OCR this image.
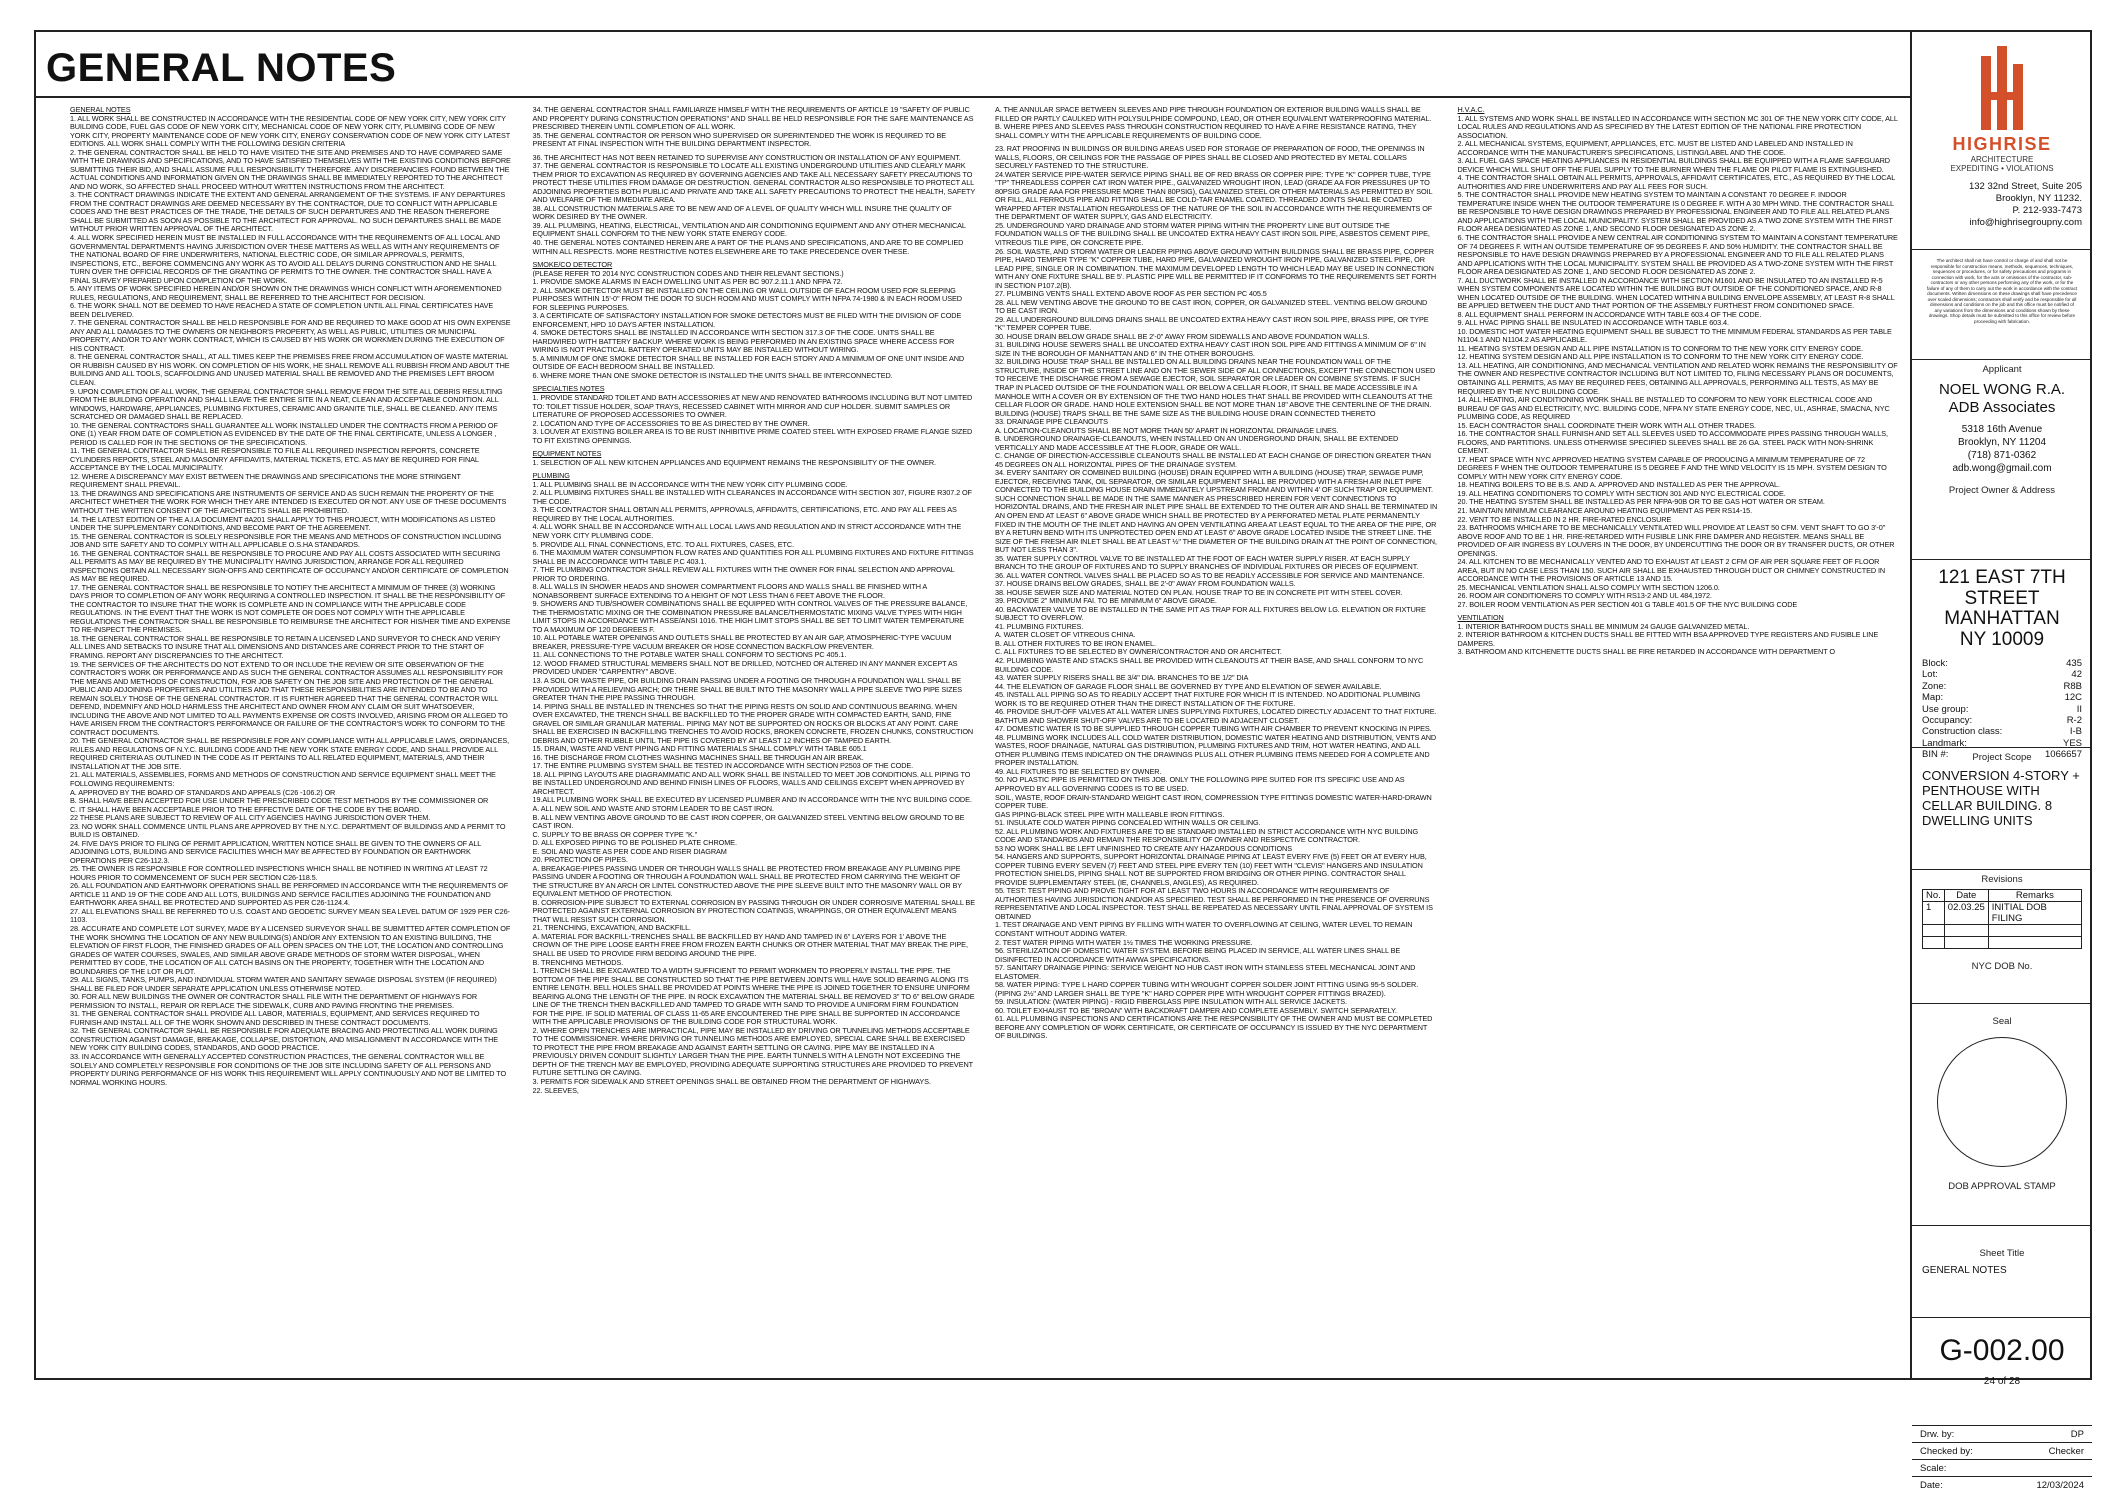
GENERAL NOTES

GENERAL NOTES

1. ALL WORK SHALL BE CONSTRUCTED IN ACCORDANCE WITH THE RESIDENTIAL CODE OF NEW YORK CITY, NEW YORK CITY BUILDING CODE, FUEL GAS CODE OF NEW YORK CITY, MECHANICAL CODE OF NEW YORK CITY, PLUMBING CODE OF NEW YORK CITY, PROPERTY MAINTENANCE CODE OF NEW YORK CITY, ENERGY CONSERVATION CODE OF NEW YORK CITY LATEST EDITIONS. ALL WORK SHALL COMPLY WITH THE FOLLOWING DESIGN CRITERIA

2. THE GENERAL CONTRACTOR SHALL BE HELD TO HAVE VISITED THE SITE AND PREMISES AND TO HAVE COMPARED SAME WITH THE DRAWINGS AND SPECIFICATIONS, AND TO HAVE SATISFIED THEMSELVES WITH THE EXISTING CONDITIONS BEFORE SUBMITTING THEIR BID, AND SHALL ASSUME FULL RESPONSIBILITY THEREFORE. ANY DISCREPANCIES FOUND BETWEEN THE ACTUAL CONDITIONS AND INFORMATION GIVEN ON THE DRAWINGS SHALL BE IMMEDIATELY REPORTED TO THE ARCHITECT AND NO WORK, SO AFFECTED SHALL PROCEED WITHOUT WRITTEN INSTRUCTIONS FROM THE ARCHITECT.

3. THE CONTRACT DRAWINGS INDICATE THE EXTENT AND GENERAL ARRANGEMENT OF THE SYSTEMS. IF ANY DEPARTURES FROM THE CONTRACT DRAWINGS ARE DEEMED NECESSARY BY THE CONTRACTOR, DUE TO CONFLICT WITH APPLICABLE CODES AND THE BEST PRACTICES OF THE TRADE, THE DETAILS OF SUCH DEPARTURES AND THE REASON THEREFORE SHALL BE SUBMITTED AS SOON AS POSSIBLE TO THE ARCHITECT FOR APPROVAL. NO SUCH DEPARTURES SHALL BE MADE WITHOUT PRIOR WRITTEN APPROVAL OF THE ARCHITECT.

4. ALL WORK SPECIFIED HEREIN MUST BE INSTALLED IN FULL ACCORDANCE WITH THE REQUIREMENTS OF ALL LOCAL AND GOVERNMENTAL DEPARTMENTS HAVING JURISDICTION OVER THESE MATTERS AS WELL AS WITH ANY REQUIREMENTS OF THE NATIONAL BOARD OF FIRE UNDERWRITERS, NATIONAL ELECTRIC CODE, OR SIMILAR APPROVALS, PERMITS, INSPECTIONS, ETC., BEFORE COMMENCING ANY WORK AS TO AVOID ALL DELAYS DURING CONSTRUCTION AND HE SHALL TURN OVER THE OFFICIAL RECORDS OF THE GRANTING OF PERMITS TO THE OWNER. THE CONTRACTOR SHALL HAVE A FINAL SURVEY PREPARED UPON COMPLETION OF THE WORK.

5. ANY ITEMS OF WORK SPECIFIED HEREIN AND/OR SHOWN ON THE DRAWINGS WHICH CONFLICT WITH AFOREMENTIONED RULES, REGULATIONS, AND REQUIREMENT, SHALL BE REFERRED TO THE ARCHITECT FOR DECISION.

6. THE WORK SHALL NOT BE DEEMED TO HAVE REACHED A STATE OF COMPLETION UNTIL ALL FINAL CERTIFICATES HAVE BEEN DELIVERED.

7. THE GENERAL CONTRACTOR SHALL BE HELD RESPONSIBLE FOR AND BE REQUIRED TO MAKE GOOD AT HIS OWN EXPENSE ANY AND ALL DAMAGES TO THE OWNERS OR NEIGHBOR'S PROPERTY, AS WELL AS PUBLIC, UTILITIES OR MUNICIPAL PROPERTY, AND/OR TO ANY WORK CONTRACT, WHICH IS CAUSED BY HIS WORK OR WORKMEN DURING THE EXECUTION OF HIS CONTRACT.

8. THE GENERAL CONTRACTOR SHALL, AT ALL TIMES KEEP THE PREMISES FREE FROM ACCUMULATION OF WASTE MATERIAL OR RUBBISH CAUSED BY HIS WORK. ON COMPLETION OF HIS WORK, HE SHALL REMOVE ALL RUBBISH FROM AND ABOUT THE BUILDING AND ALL TOOLS, SCAFFOLDING AND UNUSED MATERIAL SHALL BE REMOVED AND THE PREMISES LEFT BROOM CLEAN.

9. UPON COMPLETION OF ALL WORK, THE GENERAL CONTRACTOR SHALL REMOVE FROM THE SITE ALL DEBRIS RESULTING FROM THE BUILDING OPERATION AND SHALL LEAVE THE ENTIRE SITE IN A NEAT, CLEAN AND ACCEPTABLE CONDITION. ALL WINDOWS, HARDWARE, APPLIANCES, PLUMBING FIXTURES, CERAMIC AND GRANITE TILE, SHALL BE CLEANED. ANY ITEMS SCRATCHED OR DAMAGED SHALL BE REPLACED.

10. THE GENERAL CONTRACTORS SHALL GUARANTEE ALL WORK INSTALLED UNDER THE CONTRACTS FROM A PERIOD OF ONE (1) YEAR FROM DATE OF COMPLETION AS EVIDENCED BY THE DATE OF THE FINAL CERTIFICATE, UNLESS A LONGER , PERIOD IS CALLED FOR IN THE SECTIONS OF THE SPECIFICATIONS.

11. THE GENERAL CONTRACTOR SHALL BE RESPONSIBLE TO FILE ALL REQUIRED INSPECTION REPORTS, CONCRETE CYLINDERS REPORTS, STEEL AND MASONRY AFFIDAVITS, MATERIAL TICKETS, ETC. AS MAY BE REQUIRED FOR FINAL ACCEPTANCE BY THE LOCAL MUNICIPALITY.

12. WHERE A DISCREPANCY MAY EXIST BETWEEN THE DRAWINGS AND SPECIFICATIONS THE MORE STRINGENT REQUIREMENT SHALL PREVAIL.

13. THE DRAWINGS AND SPECIFICATIONS ARE INSTRUMENTS OF SERVICE AND AS SUCH REMAIN THE PROPERTY OF THE ARCHITECT WHETHER THE WORK FOR WHICH THEY ARE INTENDED IS EXECUTED OR NOT. ANY USE OF THESE DOCUMENTS WITHOUT THE WRITTEN CONSENT OF THE ARCHITECTS SHALL BE PROHIBITED.

14. THE LATEST EDITION OF THE A.I.A DOCUMENT #A201 SHALL APPLY TO THIS PROJECT, WITH MODIFICATIONS AS LISTED UNDER THE SUPPLEMENTARY CONDITIONS, AND BECOME PART OF THE AGREEMENT.

15. THE GENERAL CONTRACTOR IS SOLELY RESPONSIBLE FOR THE MEANS AND METHODS OF CONSTRUCTION INCLUDING JOB AND SITE SAFETY AND TO COMPLY WITH ALL APPLICABLE O.S.HA STANDARDS.

16. THE GENERAL CONTRACTOR SHALL BE RESPONSIBLE TO PROCURE AND PAY ALL COSTS ASSOCIATED WITH SECURING ALL PERMITS AS MAY BE REQUIRED BY THE MUNICIPALITY HAVING JURISDICTION, ARRANGE FOR ALL REQUIRED INSPECTIONS OBTAIN ALL NECESSARY SIGN-OFFS AND CERTIFICATE OF OCCUPANCY AND/OR CERTIFICATE OF COMPLETION AS MAY BE REQUIRED.

17. THE GENERAL CONTRACTOR SHALL BE RESPONSIBLE TO NOTIFY THE ARCHITECT A MINIMUM OF THREE (3) WORKING DAYS PRIOR TO COMPLETION OF ANY WORK REQUIRING A CONTROLLED INSPECTION. IT SHALL BE THE RESPONSIBILITY OF THE CONTRACTOR TO INSURE THAT THE WORK IS COMPLETE AND IN COMPLIANCE WITH THE APPLICABLE CODE REGULATIONS. IN THE EVENT THAT THE WORK IS NOT COMPLETE OR DOES NOT COMPLY WITH THE APPLICABLE REGULATIONS THE CONTRACTOR SHALL BE RESPONSIBLE TO REIMBURSE THE ARCHITECT FOR HIS/HER TIME AND EXPENSE TO RE-INSPECT THE PREMISES.

18. THE GENERAL CONTRACTOR SHALL BE RESPONSIBLE TO RETAIN A LICENSED LAND SURVEYOR TO CHECK AND VERIFY ALL LINES AND SETBACKS TO INSURE THAT ALL DIMENSIONS AND DISTANCES ARE CORRECT PRIOR TO THE START OF FRAMING. REPORT ANY DISCREPANCIES TO THE ARCHITECT.

19. THE SERVICES OF THE ARCHITECTS DO NOT EXTEND TO OR INCLUDE THE REVIEW OR SITE OBSERVATION OF THE CONTRACTOR'S WORK OR PERFORMANCE AND AS SUCH THE GENERAL CONTRACTOR ASSUMES ALL RESPONSIBILITY FOR THE MEANS AND METHODS OF CONSTRUCTION, FOR JOB SAFETY ON THE JOB SITE AND PROTECTION OF THE GENERAL PUBLIC AND ADJOINING PROPERTIES AND UTILITIES AND THAT THESE RESPONSIBILITIES ARE INTENDED TO BE AND TO REMAIN SOLELY THOSE OF THE GENERAL CONTRACTOR. IT IS FURTHER AGREED THAT THE GENERAL CONTRACTOR WILL DEFEND, INDEMNIFY AND HOLD HARMLESS THE ARCHITECT AND OWNER FROM ANY CLAIM OR SUIT WHATSOEVER, INCLUDING THE ABOVE AND NOT LIMITED TO ALL PAYMENTS EXPENSE OR COSTS INVOLVED, ARISING FROM OR ALLEGED TO HAVE ARISEN FROM THE CONTRACTOR'S PERFORMANCE OR FAILURE OF THE CONTRACTOR'S WORK TO CONFORM TO THE CONTRACT DOCUMENTS.

20. THE GENERAL CONTRACTOR SHALL BE RESPONSIBLE FOR ANY COMPLIANCE WITH ALL APPLICABLE LAWS, ORDINANCES, RULES AND REGULATIONS OF N.Y.C. BUILDING CODE AND THE NEW YORK STATE ENERGY CODE, AND SHALL PROVIDE ALL REQUIRED CRITERIA AS OUTLINED IN THE CODE AS IT PERTAINS TO ALL RELATED EQUIPMENT, MATERIALS, AND THEIR INSTALLATION AT THE JOB SITE.

21. ALL MATERIALS, ASSEMBLIES, FORMS AND METHODS OF CONSTRUCTION AND SERVICE EQUIPMENT SHALL MEET THE FOLLOWING REQUIREMENTS:

A. APPROVED BY THE BOARD OF STANDARDS AND APPEALS (C26 -106.2) OR

B. SHALL HAVE BEEN ACCEPTED FOR USE UNDER THE PRESCRIBED CODE TEST METHODS BY THE COMMISSIONER OR

C. IT SHALL HAVE BEEN ACCEPTABLE PRIOR TO THE EFFECTIVE DATE OF THE CODE BY THE BOARD.

22 THESE PLANS ARE SUBJECT TO REVIEW OF ALL CITY AGENCIES HAVING JURISDICTION OVER THEM.

23. NO WORK SHALL COMMENCE UNTIL PLANS ARE APPROVED BY THE N.Y.C. DEPARTMENT OF BUILDINGS AND A PERMIT TO BUILD IS OBTAINED.

24. FIVE DAYS PRIOR TO FILING OF PERMIT APPLICATION, WRITTEN NOTICE SHALL BE GIVEN TO THE OWNERS OF ALL ADJOINING LOTS, BUILDING AND SERVICE FACILITIES WHICH MAY BE AFFECTED BY FOUNDATION OR EARTHWORK OPERATIONS PER C26-112.3.

25. THE OWNER IS RESPONSIBLE FOR CONTROLLED INSPECTIONS WHICH SHALL BE NOTIFIED IN WRITING AT LEAST 72 HOURS PRIOR TO COMMENCEMENT OF SUCH PER SECTION C26-118.5.

26. ALL FOUNDATION AND EARTHWORK OPERATIONS SHALL BE PERFORMED IN ACCORDANCE WITH THE REQUIREMENTS OF ARTICLE 11 AND 19 OF THE CODE AND ALL LOTS, BUILDINGS AND SERVICE FACILITIES ADJOINING THE FOUNDATION AND EARTHWORK AREA SHALL BE PROTECTED AND SUPPORTED AS PER C26-1124.4.

27. ALL ELEVATIONS SHALL BE REFERRED TO U.S. COAST AND GEODETIC SURVEY MEAN SEA LEVEL DATUM OF 1929 PER C26-1103.

28. ACCURATE AND COMPLETE LOT SURVEY, MADE BY A LICENSED SURVEYOR SHALL BE SUBMITTED AFTER COMPLETION OF THE WORK SHOWING THE LOCATION OF ANY NEW BUILDING(S) AND/OR ANY EXTENSION TO AN EXISTING BUILDING, THE ELEVATION OF FIRST FLOOR, THE FINISHED GRADES OF ALL OPEN SPACES ON THE LOT, THE LOCATION AND CONTROLLING GRADES OF WATER COURSES, SWALES, AND SIMILAR ABOVE GRADE METHODS OF STORM WATER DISPOSAL, WHEN PERMITTED BY CODE, THE LOCATION OF ALL CATCH BASINS ON THE PROPERTY, TOGETHER WITH THE LOCATION AND BOUNDARIES OF THE LOT OR PLOT.

29. ALL SIGNS, TANKS, PUMPS, AND INDIVIDUAL STORM WATER AND SANITARY SEWAGE DISPOSAL SYSTEM (IF REQUIRED) SHALL BE FILED FOR UNDER SEPARATE APPLICATION UNLESS OTHERWISE NOTED.

30. FOR ALL NEW BUILDINGS THE OWNER OR CONTRACTOR SHALL FILE WITH THE DEPARTMENT OF HIGHWAYS FOR PERMISSION TO INSTALL, REPAIR OR REPLACE THE SIDEWALK, CURB AND PAVING FRONTING THE PREMISES.

31. THE GENERAL CONTRACTOR SHALL PROVIDE ALL LABOR, MATERIALS, EQUIPMENT, AND SERVICES REQUIRED TO FURNISH AND INSTALL ALL OF THE WORK SHOWN AND DESCRIBED IN THESE CONTRACT DOCUMENTS.

32. THE GENERAL CONTRACTOR SHALL BE RESPONSIBLE FOR ADEQUATE BRACING AND PROTECTING ALL WORK DURING CONSTRUCTION AGAINST DAMAGE, BREAKAGE, COLLAPSE, DISTORTION, AND MISALIGNMENT IN ACCORDANCE WITH THE NEW YORK CITY BUILDING CODES, STANDARDS, AND GOOD PRACTICE.

33. IN ACCORDANCE WITH GENERALLY ACCEPTED CONSTRUCTION PRACTICES, THE GENERAL CONTRACTOR WILL BE SOLELY AND COMPLETELY RESPONSIBLE FOR CONDITIONS OF THE JOB SITE INCLUDING SAFETY OF ALL PERSONS AND PROPERTY DURING PERFORMANCE OF HIS WORK THIS REQUIREMENT WILL APPLY CONTINUOUSLY AND NOT BE LIMITED TO NORMAL WORKING HOURS.

34. THE GENERAL CONTRACTOR SHALL FAMILIARIZE HIMSELF WITH THE REQUIREMENTS OF ARTICLE 19 "SAFETY OF PUBLIC AND PROPERTY DURING CONSTRUCTION OPERATIONS" AND SHALL BE HELD RESPONSIBLE FOR THE SAFE MAINTENANCE AS PRESCRIBED THEREIN UNTIL COMPLETION OF ALL WORK.

35. THE GENERAL CONTRACTOR OR PERSON WHO SUPERVISED OR SUPERINTENDED THE WORK IS REQUIRED TO BE PRESENT AT FINAL INSPECTION WITH THE BUILDING DEPARTMENT INSPECTOR.

36. THE ARCHITECT HAS NOT BEEN RETAINED TO SUPERVISE ANY CONSTRUCTION OR INSTALLATION OF ANY EQUIPMENT.

37. THE GENERAL CONTRACTOR IS RESPONSIBLE TO LOCATE ALL EXISTING UNDERGROUND UTILITIES AND CLEARLY MARK THEM PRIOR TO EXCAVATION AS REQUIRED BY GOVERNING AGENCIES AND TAKE ALL NECESSARY SAFETY PRECAUTIONS TO PROTECT THESE UTILITIES FROM DAMAGE OR DESTRUCTION. GENERAL CONTRACTOR ALSO RESPONSIBLE TO PROTECT ALL ADJOINING PROPERTIES BOTH PUBLIC AND PRIVATE AND TAKE ALL SAFETY PRECAUTIONS TO PROTECT THE HEALTH, SAFETY AND WELFARE OF THE IMMEDIATE AREA.

38. ALL CONSTRUCTION MATERIALS ARE TO BE NEW AND OF A LEVEL OF QUALITY WHICH WILL INSURE THE QUALITY OF WORK DESIRED BY THE OWNER.

39. ALL PLUMBING, HEATING, ELECTRICAL, VENTILATION AND AIR CONDITIONING EQUIPMENT AND ANY OTHER MECHANICAL EQUIPMENT SHALL CONFORM TO THE NEW YORK STATE ENERGY CODE.

40. THE GENERAL NOTES CONTAINED HEREIN ARE A PART OF THE PLANS AND SPECIFICATIONS, AND ARE TO BE COMPLIED WITHIN ALL RESPECTS. MORE RESTRICTIVE NOTES ELSEWHERE ARE TO TAKE PRECEDENCE OVER THESE.

SMOKE/CO DETECTOR

(PLEASE REFER TO 2014 NYC CONSTRUCTION CODES AND THEIR RELEVANT SECTIONS.)

1. PROVIDE SMOKE ALARMS IN EACH DWELLING UNIT AS PER BC 907.2.11.1 AND NFPA 72.

2. ALL SMOKE DETECTOR MUST BE INSTALLED ON THE CEILING OR WALL OUTSIDE OF EACH ROOM USED FOR SLEEPING PURPOSES WITHIN 15'-0" FROM THE DOOR TO SUCH ROOM AND MUST COMPLY WITH NFPA 74-1980 & IN EACH ROOM USED FOR SLEEPING PURPOSES.

3. A CERTIFICATE OF SATISFACTORY INSTALLATION FOR SMOKE DETECTORS MUST BE FILED WITH THE DIVISION OF CODE ENFORCEMENT, HPD 10 DAYS AFTER INSTALLATION.

4. SMOKE DETECTORS SHALL BE INSTALLED IN ACCORDANCE WITH SECTION 317.3 OF THE CODE. UNITS SHALL BE HARDWIRED WITH BATTERY BACKUP. WHERE WORK IS BEING PERFORMED IN AN EXISTING SPACE WHERE ACCESS FOR WIRING IS NOT PRACTICAL BATTERY OPERATED UNITS MAY BE INSTALLED WITHOUT WIRING.

5. A MINIMUM OF ONE SMOKE DETECTOR SHALL BE INSTALLED FOR EACH STORY AND A MINIMUM OF ONE UNIT INSIDE AND OUTSIDE OF EACH BEDROOM SHALL BE INSTALLED.

6. WHERE MORE THAN ONE SMOKE DETECTOR IS INSTALLED THE UNITS SHALL BE INTERCONNECTED.

SPECIALTIES NOTES

1. PROVIDE STANDARD TOILET AND BATH ACCESSORIES AT NEW AND RENOVATED BATHROOMS INCLUDING BUT NOT LIMITED TO: TOILET TISSUE HOLDER, SOAP TRAYS, RECESSED CABINET WITH MIRROR AND CUP HOLDER. SUBMIT SAMPLES OR LITERATURE OF PROPOSED ACCESSORIES TO OWNER.

2. LOCATION AND TYPE OF ACCESSORIES TO BE AS DIRECTED BY THE OWNER.

3. LOUVER AT EXISTING BOILER AREA IS TO BE RUST INHIBITIVE PRIME COATED STEEL WITH EXPOSED FRAME FLANGE SIZED TO FIT EXISTING OPENINGS.

EQUIPMENT NOTES

1. SELECTION OF ALL NEW KITCHEN APPLIANCES AND EQUIPMENT REMAINS THE RESPONSIBILITY OF THE OWNER.

PLUMBING

1. ALL PLUMBING SHALL BE IN ACCORDANCE WITH THE NEW YORK CITY PLUMBING CODE.

2. ALL PLUMBING FIXTURES SHALL BE INSTALLED WITH CLEARANCES IN ACCORDANCE WITH SECTION 307, FIGURE R307.2 OF THE CODE.

3. THE CONTRACTOR SHALL OBTAIN ALL PERMITS, APPROVALS, AFFIDAVITS, CERTIFICATIONS, ETC. AND PAY ALL FEES AS REQUIRED BY THE LOCAL AUTHORITIES.

4. ALL WORK SHALL BE IN ACCORDANCE WITH ALL LOCAL LAWS AND REGULATION AND IN STRICT ACCORDANCE WITH THE NEW YORK CITY PLUMBING CODE.

5. PROVIDE ALL FINAL CONNECTIONS, ETC. TO ALL FIXTURES, CASES, ETC.

6. THE MAXIMUM WATER CONSUMPTION FLOW RATES AND QUANTITIES FOR ALL PLUMBING FIXTURES AND FIXTURE FITTINGS SHALL BE IN ACCORDANCE WITH TABLE P.C 403.1.

7. THE PLUMBING CONTRACTOR SHALL REVIEW ALL FIXTURES WITH THE OWNER FOR FINAL SELECTION AND APPROVAL PRIOR TO ORDERING.

8. ALL WALLS IN SHOWER HEADS AND SHOWER COMPARTMENT FLOORS AND WALLS SHALL BE FINISHED WITH A NONABSORBENT SURFACE EXTENDING TO A HEIGHT OF NOT LESS THAN 6 FEET ABOVE THE FLOOR.

9. SHOWERS AND TUB/SHOWER COMBINATIONS SHALL BE EQUIPPED WITH CONTROL VALVES OF THE PRESSURE BALANCE, THE THERMOSTATIC MIXING OR THE COMBINATION PRESSURE BALANCE/THERMOSTATIC MIXING VALVE TYPES WITH HIGH LIMIT STOPS IN ACCORDANCE WITH ASSE/ANSI 1016. THE HIGH LIMIT STOPS SHALL BE SET TO LIMIT WATER TEMPERATURE TO A MAXIMUM OF 120 DEGREES F.

10. ALL POTABLE WATER OPENINGS AND OUTLETS SHALL BE PROTECTED BY AN AIR GAP, ATMOSPHERIC-TYPE VACUUM BREAKER, PRESSURE-TYPE VACUUM BREAKER OR HOSE CONNECTION BACKFLOW PREVENTER.

11. ALL CONNECTIONS TO THE POTABLE WATER SHALL CONFORM TO SECTIONS PC 405.1.

12. WOOD FRAMED STRUCTURAL MEMBERS SHALL NOT BE DRILLED, NOTCHED OR ALTERED IN ANY MANNER EXCEPT AS PROVIDED UNDER "CARPENTRY" ABOVE.

13. A SOIL OR WASTE PIPE, OR BUILDING DRAIN PASSING UNDER A FOOTING OR THROUGH A FOUNDATION WALL SHALL BE PROVIDED WITH A RELIEVING ARCH; OR THERE SHALL BE BUILT INTO THE MASONRY WALL A PIPE SLEEVE TWO PIPE SIZES GREATER THAN THE PIPE PASSING THROUGH.

14. PIPING SHALL BE INSTALLED IN TRENCHES SO THAT THE PIPING RESTS ON SOLID AND CONTINUOUS BEARING. WHEN OVER EXCAVATED, THE TRENCH SHALL BE BACKFILLED TO THE PROPER GRADE WITH COMPACTED EARTH, SAND, FINE GRAVEL OR SIMILAR GRANULAR MATERIAL. PIPING MAY NOT BE SUPPORTED ON ROCKS OR BLOCKS AT ANY POINT. CARE SHALL BE EXERCISED IN BACKFILLING TRENCHES TO AVOID ROCKS, BROKEN CONCRETE, FROZEN CHUNKS, CONSTRUCTION DEBRIS AND OTHER RUBBLE UNTIL THE PIPE IS COVERED BY AT LEAST 12 INCHES OF TAMPED EARTH.

15. DRAIN, WASTE AND VENT PIPING AND FITTING MATERIALS SHALL COMPLY WITH TABLE 605.1

16. THE DISCHARGE FROM CLOTHES WASHING MACHINES SHALL BE THROUGH AN AIR BREAK.

17. THE ENTIRE PLUMBING SYSTEM SHALL BE TESTED IN ACCORDANCE WITH SECTION P2503 OF THE CODE.

18. ALL PIPING LAYOUTS ARE DIAGRAMMATIC AND ALL WORK SHALL BE INSTALLED TO MEET JOB CONDITIONS. ALL PIPING TO BE INSTALLED UNDERGROUND AND BEHIND FINISH LINES OF FLOORS, WALLS AND CEILINGS EXCEPT WHEN APPROVED BY ARCHITECT.

19.ALL PLUMBING WORK SHALL BE EXECUTED BY LICENSED PLUMBER AND IN ACCORDANCE WITH THE NYC BUILDING CODE.

A. ALL NEW SOIL AND WASTE AND STORM LEADER TO BE CAST IRON.

B. ALL NEW VENTING ABOVE GROUND TO BE CAST IRON COPPER, OR GALVANIZED STEEL VENTING BELOW GROUND TO BE CAST IRON.

C. SUPPLY TO BE BRASS OR COPPER TYPE "K."

D. ALL EXPOSED PIPING TO BE POLISHED PLATE CHROME.

E. SOIL AND WASTE AS PER CODE AND RISER DIAGRAM

20. PROTECTION OF PIPES.

A. BREAKAGE-PIPES PASSING UNDER OR THROUGH WALLS SHALL BE PROTECTED FROM BREAKAGE ANY PLUMBING PIPE PASSING UNDER A FOOTING OR THROUGH A FOUNDATION WALL SHALL BE PROTECTED FROM CARRYING THE WEIGHT OF THE STRUCTURE BY AN ARCH OR LINTEL CONSTRUCTED ABOVE THE PIPE SLEEVE BUILT INTO THE MASONRY WALL OR BY EQUIVALENT METHOD OF PROTECTION.

B. CORROSION-PIPE SUBJECT TO EXTERNAL CORROSION BY PASSING THROUGH OR UNDER CORROSIVE MATERIAL SHALL BE PROTECTED AGAINST EXTERNAL CORROSION BY PROTECTION COATINGS, WRAPPINGS, OR OTHER EQUIVALENT MEANS THAT WILL RESIST SUCH CORROSION.

21. TRENCHING, EXCAVATION, AND BACKFILL.

A. MATERIAL FOR BACKFILL-TRENCHES SHALL BE BACKFILLED BY HAND AND TAMPED IN 6" LAYERS FOR 1' ABOVE THE CROWN OF THE PIPE LOOSE EARTH FREE FROM FROZEN EARTH CHUNKS OR OTHER MATERIAL THAT MAY BREAK THE PIPE, SHALL BE USED TO PROVIDE FIRM BEDDING AROUND THE PIPE.

B. TRENCHING METHODS.

1. TRENCH SHALL BE EXCAVATED TO A WIDTH SUFFICIENT TO PERMIT WORKMEN TO PROPERLY INSTALL THE PIPE. THE BOTTOM OF THE PIPE SHALL BE CONSTRUCTED SO THAT THE PIPE BETWEEN JOINTS WILL HAVE SOLID BEARING ALONG ITS ENTIRE LENGTH. BELL HOLES SHALL BE PROVIDED AT POINTS WHERE THE PIPE IS JOINED TOGETHER TO ENSURE UNIFORM BEARING ALONG THE LENGTH OF THE PIPE. IN ROCK EXCAVATION THE MATERIAL SHALL BE REMOVED 3" TO 6" BELOW GRADE LINE OF THE TRENCH THEN BACKFILLED AND TAMPED TO GRADE WITH SAND TO PROVIDE A UNIFORM FIRM FOUNDATION FOR THE PIPE. IF SOLID MATERIAL OF CLASS 11-65 ARE ENCOUNTERED THE PIPE SHALL BE SUPPORTED IN ACCORDANCE WITH THE APPLICABLE PROVISIONS OF THE BUILDING CODE FOR STRUCTURAL WORK.

2. WHERE OPEN TRENCHES ARE IMPRACTICAL, PIPE MAY BE INSTALLED BY DRIVING OR TUNNELING METHODS ACCEPTABLE TO THE COMMISSIONER. WHERE DRIVING OR TUNNELING METHODS ARE EMPLOYED, SPECIAL CARE SHALL BE EXERCISED TO PROTECT THE PIPE FROM BREAKAGE AND AGAINST EARTH SETTLING OR CAVING. PIPE MAY BE INSTALLED IN A PREVIOUSLY DRIVEN CONDUIT SLIGHTLY LARGER THAN THE PIPE. EARTH TUNNELS WITH A LENGTH NOT EXCEEDING THE DEPTH OF THE TRENCH MAY BE EMPLOYED, PROVIDING ADEQUATE SUPPORTING STRUCTURES ARE PROVIDED TO PREVENT FUTURE SETTLING OR CAVING.

3. PERMITS FOR SIDEWALK AND STREET OPENINGS SHALL BE OBTAINED FROM THE DEPARTMENT OF HIGHWAYS.

22. SLEEVES,

A. THE ANNULAR SPACE BETWEEN SLEEVES AND PIPE THROUGH FOUNDATION OR EXTERIOR BUILDING WALLS SHALL BE FILLED OR PARTLY CAULKED WITH POLYSULPHIDE COMPOUND, LEAD, OR OTHER EQUIVALENT WATERPROOFING MATERIAL.

B. WHERE PIPES AND SLEEVES PASS THROUGH CONSTRUCTION REQUIRED TO HAVE A FIRE RESISTANCE RATING, THEY SHALL COMPLY WITH THE APPLICABLE REQUIREMENTS OF BUILDING CODE.

23. RAT PROOFING IN BUILDINGS OR BUILDING AREAS USED FOR STORAGE OF PREPARATION OF FOOD, THE OPENINGS IN WALLS, FLOORS, OR CEILINGS FOR THE PASSAGE OF PIPES SHALL BE CLOSED AND PROTECTED BY METAL COLLARS SECURELY FASTENED TO THE STRUCTURE.

24.WATER SERVICE PIPE-WATER SERVICE PIPING SHALL BE OF RED BRASS OR COPPER PIPE: TYPE "K" COPPER TUBE, TYPE "TP" THREADLESS COPPER CAT IRON WATER PIPE., GALVANIZED WROUGHT IRON, LEAD (GRADE AA FOR PRESSURES UP TO 80PSIG GRADE AAA FOR PRESSURE MORE THAN 80PSIG), GALVANIZED STEEL OR OTHER MATERIALS AS PERMITTED BY SOIL OR FILL, ALL FERROUS PIPE AND FITTING SHALL BE COLD-TAR ENAMEL COATED. THREADED JOINTS SHALL BE COATED WRAPPED AFTER INSTALLATION REGARDLESS OF THE NATURE OF THE SOIL IN ACCORDANCE WITH THE REQUIREMENTS OF THE DEPARTMENT OF WATER SUPPLY, GAS AND ELECTRICITY.

25. UNDERGROUND YARD DRAINAGE AND STORM WATER PIPING WITHIN THE PROPERTY LINE BUT OUTSIDE THE FOUNDATION WALLS OF THE BUILDING SHALL BE UNCOATED EXTRA HEAVY CAST IRON SOIL PIPE, ASBESTOS CEMENT PIPE, VITREOUS TILE PIPE, OR CONCRETE PIPE.

26. SOIL WASTE, AND STORM WATER OR LEADER PIPING ABOVE GROUND WITHIN BUILDINGS SHALL BE BRASS PIPE, COPPER PIPE, HARD TEMPER TYPE "K" COPPER TUBE, HARD PIPE, GALVANIZED WROUGHT IRON PIPE, GALVANIZED STEEL PIPE, OR LEAD PIPE, SINGLE OR IN COMBINATION. THE MAXIMUM DEVELOPED LENGTH TO WHICH LEAD MAY BE USED IN CONNECTION WITH ANY ONE FIXTURE SHALL BE 5'. PLASTIC PIPE WILL BE PERMITTED IF IT CONFORMS TO THE REQUIREMENTS SET FORTH IN SECTION P107.2(B).

27. PLUMBING VENTS SHALL EXTEND ABOVE ROOF AS PER SECTION PC 405.5

28. ALL NEW VENTING ABOVE THE GROUND TO BE CAST IRON, COPPER, OR GALVANIZED STEEL. VENTING BELOW GROUND TO BE CAST IRON.

29. ALL UNDERGROUND BUILDING DRAINS SHALL BE UNCOATED EXTRA HEAVY CAST IRON SOIL PIPE, BRASS PIPE, OR TYPE "K" TEMPER COPPER TUBE.

30. HOUSE DRAIN BELOW GRADE SHALL BE 2'-0" AWAY FROM SIDEWALLS AND ABOVE FOUNDATION WALLS.

31. BUILDING HOUSE SEWERS SHALL BE UNCOATED EXTRA HEAVY CAST IRON SOIL PIPE AND FITTINGS A MINIMUM OF 6" IN SIZE IN THE BOROUGH OF MANHATTAN AND 6" IN THE OTHER BOROUGHS.

32. BUILDING HOUSE TRAP SHALL BE INSTALLED ON ALL BUILDING DRAINS NEAR THE FOUNDATION WALL OF THE STRUCTURE, INSIDE OF THE STREET LINE AND ON THE SEWER SIDE OF ALL CONNECTIONS, EXCEPT THE CONNECTION USED TO RECEIVE THE DISCHARGE FROM A SEWAGE EJECTOR, SOIL SEPARATOR OR LEADER ON COMBINE SYSTEMS. IF SUCH TRAP IN PLACED OUTSIDE OF THE FOUNDATION WALL OR BELOW A CELLAR FLOOR, IT SHALL BE MADE ACCESSIBLE IN A MANHOLE WITH A COVER OR BY EXTENSION OF THE TWO HAND HOLES THAT SHALL BE PROVIDED WITH CLEANOUTS AT THE CELLAR FLOOR OR GRADE. HAND HOLE EXTENSION SHALL BE NOT MORE THAN 18" ABOVE THE CENTERLINE OF THE DRAIN. BUILDING (HOUSE) TRAPS SHALL BE THE SAME SIZE AS THE BUILDING HOUSE DRAIN CONNECTED THERETO

33. DRAINAGE PIPE CLEANOUTS

A. LOCATION-CLEANOUTS SHALL BE NOT MORE THAN 50' APART IN HORIZONTAL DRAINAGE LINES.

B. UNDERGROUND DRAINAGE-CLEANOUTS, WHEN INSTALLED ON AN UNDERGROUND DRAIN, SHALL BE EXTENDED VERTICALLY AND MADE ACCESSIBLE AT THE FLOOR, GRADE OR WALL.

C. CHANGE OF DIRECTION-ACCESSIBLE CLEANOUTS SHALL BE INSTALLED AT EACH CHANGE OF DIRECTION GREATER THAN 45 DEGREES ON ALL HORIZONTAL PIPES OF THE DRAINAGE SYSTEM.

34. EVERY SANITARY OR COMBINED BUILDING (HOUSE) DRAIN EQUIPPED WITH A BUILDING (HOUSE) TRAP, SEWAGE PUMP, EJECTOR, RECEIVING TANK, OIL SEPARATOR, OR SIMILAR EQUIPMENT SHALL BE PROVIDED WITH A FRESH AIR INLET PIPE CONNECTED TO THE BUILDING HOUSE DRAIN IMMEDIATELY UPSTREAM FROM AND WITHIN 4' OF SUCH TRAP OR EQUIPMENT. SUCH CONNECTION SHALL BE MADE IN THE SAME MANNER AS PRESCRIBED HEREIN FOR VENT CONNECTIONS TO HORIZONTAL DRAINS, AND THE FRESH AIR INLET PIPE SHALL BE EXTENDED TO THE OUTER AIR AND SHALL BE TERMINATED IN AN OPEN END AT LEAST 6" ABOVE GRADE WHICH SHALL BE PROTECTED BY A PERFORATED METAL PLATE PERMANENTLY FIXED IN THE MOUTH OF THE INLET AND HAVING AN OPEN VENTILATING AREA AT LEAST EQUAL TO THE AREA OF THE PIPE, OR BY A RETURN BEND WITH ITS UNPROTECTED OPEN END AT LEAST 6" ABOVE GRADE LOCATED INSIDE THE STREET LINE. THE SIZE OF THE FRESH AIR INLET SHALL BE AT LEAST ½" THE DIAMETER OF THE BUILDING DRAIN AT THE POINT OF CONNECTION, BUT NOT LESS THAN 3".

35. WATER SUPPLY CONTROL VALVE TO BE INSTALLED AT THE FOOT OF EACH WATER SUPPLY RISER. AT EACH SUPPLY BRANCH TO THE GROUP OF FIXTURES AND TO SUPPLY BRANCHES OF INDIVIDUAL FIXTURES OR PIECES OF EQUIPMENT.

36. ALL WATER CONTROL VALVES SHALL BE PLACED SO AS TO BE READILY ACCESSIBLE FOR SERVICE AND MAINTENANCE.

37. HOUSE DRAINS BELOW GRADES, SHALL BE 2'-0" AWAY FROM FOUNDATION WALLS.

38. HOUSE SEWER SIZE AND MATERIAL NOTED ON PLAN. HOUSE TRAP TO BE IN CONCRETE PIT WITH STEEL COVER.

39. PROVIDE 2" MINIMUM FAI. TO BE MINIMUM 6" ABOVE GRADE.

40. BACKWATER VALVE TO BE INSTALLED IN THE SAME PIT AS TRAP FOR ALL FIXTURES BELOW LG. ELEVATION OR FIXTURE SUBJECT TO OVERFLOW.

41. PLUMBING FIXTURES.

A. WATER CLOSET OF VITREOUS CHINA.

B. ALL OTHER FIXTURES TO BE IRON ENAMEL.

C. ALL FIXTURES TO BE SELECTED BY OWNER/CONTRACTOR AND OR ARCHITECT.

42. PLUMBING WASTE AND STACKS SHALL BE PROVIDED WITH CLEANOUTS AT THEIR BASE, AND SHALL CONFORM TO NYC BUILDING CODE.

43. WATER SUPPLY RISERS SHALL BE 3/4" DIA. BRANCHES TO BE 1/2" DIA

44. THE ELEVATION OF GARAGE FLOOR SHALL BE GOVERNED BY TYPE AND ELEVATION OF SEWER AVAILABLE.

45. INSTALL ALL PIPING SO AS TO READILY ACCEPT THAT FIXTURE FOR WHICH IT IS INTENDED. NO ADDITIONAL PLUMBING WORK IS TO BE REQUIRED OTHER THAN THE DIRECT INSTALLATION OF THE FIXTURE.

46. PROVIDE SHUT-OFF VALVES AT ALL WATER LINES SUPPLYING FIXTURES, LOCATED DIRECTLY ADJACENT TO THAT FIXTURE. BATHTUB AND SHOWER SHUT-OFF VALVES ARE TO BE LOCATED IN ADJACENT CLOSET.

47. DOMESTIC WATER IS TO BE SUPPLIED THROUGH COPPER TUBING WITH AIR CHAMBER TO PREVENT KNOCKING IN PIPES.

48. PLUMBING WORK INCLUDES ALL COLD WATER DISTRIBUTION, DOMESTIC WATER HEATING AND DISTRIBUTION, VENTS AND WASTES, ROOF DRAINAGE, NATURAL GAS DISTRIBUTION, PLUMBING FIXTURES AND TRIM, HOT WATER HEATING, AND ALL OTHER PLUMBING ITEMS INDICATED ON THE DRAWINGS PLUS ALL OTHER PLUMBING ITEMS NEEDED FOR A COMPLETE AND PROPER INSTALLATION.

49. ALL FIXTURES TO BE SELECTED BY OWNER.

50. NO PLASTIC PIPE IS PERMITTED ON THIS JOB. ONLY THE FOLLOWING PIPE SUITED FOR ITS SPECIFIC USE AND AS APPROVED BY ALL GOVERNING CODES IS TO BE USED.

SOIL, WASTE, ROOF DRAIN-STANDARD WEIGHT CAST IRON, COMPRESSION TYPE FITTINGS DOMESTIC WATER-HARD-DRAWN COPPER TUBE.

GAS PIPING-BLACK STEEL PIPE WITH MALLEABLE IRON FITTINGS.

51. INSULATE COLD WATER PIPING CONCEALED WITHIN WALLS OR CEILING.

52. ALL PLUMBING WORK AND FIXTURES ARE TO BE STANDARD INSTALLED IN STRICT ACCORDANCE WITH NYC BUILDING CODE AND STANDARDS AND REMAIN THE RESPONSIBILITY OF OWNER AND RESPECTIVE CONTRACTOR.

53 NO WORK SHALL BE LEFT UNFINISHED TO CREATE ANY HAZARDOUS CONDITIONS

54. HANGERS AND SUPPORTS, SUPPORT HORIZONTAL DRAINAGE PIPING AT LEAST EVERY FIVE (5) FEET OR AT EVERY HUB, COPPER TUBING EVERY SEVEN (7) FEET AND STEEL PIPE EVERY TEN (10) FEET WITH "CLEVIS" HANGERS AND INSULATION PROTECTION SHIELDS, PIPING SHALL NOT BE SUPPORTED FROM BRIDGING OR OTHER PIPING. CONTRACTOR SHALL PROVIDE SUPPLEMENTARY STEEL (IE, CHANNELS, ANGLES), AS REQUIRED.

55. TEST: TEST PIPING AND PROVE TIGHT FOR AT LEAST TWO HOURS IN ACCORDANCE WITH REQUIREMENTS OF AUTHORITIES HAVING JURISDICTION AND/OR AS SPECIFIED. TEST SHALL BE PERFORMED IN THE PRESENCE OF OVERRUNS REPRESENTATIVE AND LOCAL INSPECTOR. TEST SHALL BE REPEATED AS NECESSARY UNTIL FINAL APPROVAL OF SYSTEM IS OBTAINED

1. TEST DRAINAGE AND VENT PIPING BY FILLING WITH WATER TO OVERFLOWING AT CEILING, WATER LEVEL TO REMAIN CONSTANT WITHOUT ADDING WATER.

2. TEST WATER PIPING WITH WATER 1½ TIMES THE WORKING PRESSURE.

56. STERILIZATION OF DOMESTIC WATER SYSTEM. BEFORE BEING PLACED IN SERVICE, ALL WATER LINES SHALL BE DISINFECTED IN ACCORDANCE WITH AWWA SPECIFICATIONS.

57. SANITARY DRAINAGE PIPING: SERVICE WEIGHT NO HUB CAST IRON WITH STAINLESS STEEL MECHANICAL JOINT AND ELASTOMER.

58. WATER PIPING: TYPE L HARD COPPER TUBING WITH WROUGHT COPPER SOLDER JOINT FITTING USING 95-5 SOLDER. (PIPING 2½" AND LARGER SHALL BE TYPE "K" HARD COPPER PIPE WITH WROUGHT COPPER FITTINGS BRAZED).

59. INSULATION: (WATER PIPING) - RIGID FIBERGLASS PIPE INSULATION WITH ALL SERVICE JACKETS.

60. TOILET EXHAUST TO BE "BROAN" WITH BACKDRAFT DAMPER AND COMPLETE ASSEMBLY. SWITCH SEPARATELY.

61. ALL PLUMBING INSPECTIONS AND CERTIFICATIONS ARE THE RESPONSIBILITY OF THE OWNER AND MUST BE COMPLETED BEFORE ANY COMPLETION OF WORK CERTIFICATE, OR CERTIFICATE OF OCCUPANCY IS ISSUED BY THE NYC DEPARTMENT OF BUILDINGS.

H.V.A.C.

1. ALL SYSTEMS AND WORK SHALL BE INSTALLED IN ACCORDANCE WITH SECTION MC 301 OF THE NEW YORK CITY CODE, ALL LOCAL RULES AND REGULATIONS AND AS SPECIFIED BY THE LATEST EDITION OF THE NATIONAL FIRE PROTECTION ASSOCIATION.

2. ALL MECHANICAL SYSTEMS, EQUIPMENT, APPLIANCES, ETC. MUST BE LISTED AND LABELED AND INSTALLED IN ACCORDANCE WITH THE MANUFACTURER'S SPECIFICATIONS, LISTING/LABEL AND THE CODE.

3. ALL FUEL GAS SPACE HEATING APPLIANCES IN RESIDENTIAL BUILDINGS SHALL BE EQUIPPED WITH A FLAME SAFEGUARD DEVICE WHICH WILL SHUT OFF THE FUEL SUPPLY TO THE BURNER WHEN THE FLAME OR PILOT FLAME IS EXTINGUISHED.

4. THE CONTRACTOR SHALL OBTAIN ALL PERMITS, APPROVALS, AFFIDAVIT CERTIFICATES, ETC., AS REQUIRED BY THE LOCAL AUTHORITIES AND FIRE UNDERWRITERS AND PAY ALL FEES FOR SUCH.

5. THE CONTRACTOR SHALL PROVIDE NEW HEATING SYSTEM TO MAINTAIN A CONSTANT 70 DEGREE F. INDOOR TEMPERATURE INSIDE WHEN THE OUTDOOR TEMPERATURE IS 0 DEGREE F. WITH A 30 MPH WIND. THE CONTRACTOR SHALL BE RESPONSIBLE TO HAVE DESIGN DRAWINGS PREPARED BY PROFESSIONAL ENGINEER AND TO FILE ALL RELATED PLANS AND APPLICATIONS WITH THE LOCAL MUNICIPALITY. SYSTEM SHALL BE PROVIDED AS A TWO ZONE SYSTEM WITH THE FIRST FLOOR AREA DESIGNATED AS ZONE 1, AND SECOND FLOOR DESIGNATED AS ZONE 2.

6. THE CONTRACTOR SHALL PROVIDE A NEW CENTRAL AIR CONDITIONING SYSTEM TO MAINTAIN A CONSTANT TEMPERATURE OF 74 DEGREES F. WITH AN OUTSIDE TEMPERATURE OF 95 DEGREES F. AND 50% HUMIDITY. THE CONTRACTOR SHALL BE RESPONSIBLE TO HAVE DESIGN DRAWINGS PREPARED BY A PROFESSIONAL ENGINEER AND TO FILE ALL RELATED PLANS AND APPLICATIONS WITH THE LOCAL MUNICIPALITY. SYSTEM SHALL BE PROVIDED AS A TWO-ZONE SYSTEM WITH THE FIRST FLOOR AREA DESIGNATED AS ZONE 1, AND SECOND FLOOR DESIGNATED AS ZONE 2.

7. ALL DUCTWORK SHALL BE INSTALLED IN ACCORDANCE WITH SECTION M1601 AND BE INSULATED TO AN INSTALLED R-5 WHEN SYSTEM COMPONENTS ARE LOCATED WITHIN THE BUILDING BUT OUTSIDE OF THE CONDITIONED SPACE, AND R-8 WHEN LOCATED OUTSIDE OF THE BUILDING. WHEN LOCATED WITHIN A BUILDING ENVELOPE ASSEMBLY, AT LEAST R-8 SHALL BE APPLIED BETWEEN THE DUCT AND THAT PORTION OF THE ASSEMBLY FURTHEST FROM CONDITIONED SPACE.

8. ALL EQUIPMENT SHALL PERFORM IN ACCORDANCE WITH TABLE 603.4 OF THE CODE.

9. ALL HVAC PIPING SHALL BE INSULATED IN ACCORDANCE WITH TABLE 603.4.

10. DOMESTIC HOT WATER HEATING EQUIPMENT SHALL BE SUBJECT TO THE MINIMUM FEDERAL STANDARDS AS PER TABLE N1104.1 AND N1104.2 AS APPLICABLE.

11. HEATING SYSTEM DESIGN AND ALL PIPE INSTALLATION IS TO CONFORM TO THE NEW YORK CITY ENERGY CODE.

12. HEATING SYSTEM DESIGN AND ALL PIPE INSTALLATION IS TO CONFORM TO THE NEW YORK CITY ENERGY CODE.

13. ALL HEATING, AIR CONDITIONING, AND MECHANICAL VENTILATION AND RELATED WORK REMAINS THE RESPONSIBILITY OF THE OWNER AND RESPECTIVE CONTRACTOR INCLUDING BUT NOT LIMITED TO, FILING NECESSARY PLANS OR DOCUMENTS, OBTAINING ALL PERMITS, AS MAY BE REQUIRED FEES, OBTAINING ALL APPROVALS, PERFORMING ALL TESTS, AS MAY BE REQUIRED BY THE NYC BUILDING CODE.

14. ALL HEATING, AIR CONDITIONING WORK SHALL BE INSTALLED TO CONFORM TO NEW YORK ELECTRICAL CODE AND BUREAU OF GAS AND ELECTRICITY, NYC. BUILDING CODE, NFPA NY STATE ENERGY CODE, NEC, UL, ASHRAE, SMACNA, NYC PLUMBING CODE, AS REQUIRED

15. EACH CONTRACTOR SHALL COORDINATE THEIR WORK WITH ALL OTHER TRADES.

16. THE CONTRACTOR SHALL FURNISH AND SET ALL SLEEVES USED TO ACCOMMODATE PIPES PASSING THROUGH WALLS, FLOORS, AND PARTITIONS. UNLESS OTHERWISE SPECIFIED SLEEVES SHALL BE 26 GA. STEEL PACK WITH NON-SHRINK CEMENT.

17. HEAT SPACE WITH NYC APPROVED HEATING SYSTEM CAPABLE OF PRODUCING A MINIMUM TEMPERATURE OF 72 DEGREES F WHEN THE OUTDOOR TEMPERATURE IS 5 DEGREE F AND THE WIND VELOCITY IS 15 MPH. SYSTEM DESIGN TO COMPLY WITH NEW YORK CITY ENERGY CODE.

18. HEATING BOILERS TO BE B.S. AND A. APPROVED AND INSTALLED AS PER THE APPROVAL.

19. ALL HEATING CONDITIONERS TO COMPLY WITH SECTION 301 AND NYC ELECTRICAL CODE.

20. THE HEATING SYSTEM SHALL BE INSTALLED AS PER NFPA-90B OR TO BE GAS HOT WATER OR STEAM.

21. MAINTAIN MINIMUM CLEARANCE AROUND HEATING EQUIPMENT AS PER RS14-15.

22. VENT TO BE INSTALLED IN 2 HR. FIRE-RATED ENCLOSURE

23. BATHROOMS WHICH ARE TO BE MECHANICALLY VENTILATED WILL PROVIDE AT LEAST 50 CFM. VENT SHAFT TO GO 3'-0" ABOVE ROOF AND TO BE 1 HR. FIRE-RETARDED WITH FUSIBLE LINK FIRE DAMPER AND REGISTER. MEANS SHALL BE PROVIDED OF AIR INGRESS BY LOUVERS IN THE DOOR, BY UNDERCUTTING THE DOOR OR BY TRANSFER DUCTS, OR OTHER OPENINGS.

24. ALL KITCHEN TO BE MECHANICALLY VENTED AND TO EXHAUST AT LEAST 2 CFM OF AIR PER SQUARE FEET OF FLOOR AREA, BUT IN NO CASE LESS THAN 150. SUCH AIR SHALL BE EXHAUSTED THROUGH DUCT OR CHIMNEY CONSTRUCTED IN ACCORDANCE WITH THE PROVISIONS OF ARTICLE 13 AND 15.

25. MECHANICAL VENTILATION SHALL ALSO COMPLY WITH SECTION 1206.0.

26. ROOM AIR CONDITIONERS TO COMPLY WITH RS13-2 AND UL 484,1972.

27. BOILER ROOM VENTILATION AS PER SECTION 401 G TABLE 401.5 OF THE NYC BUILDING CODE

VENTILATION

1. INTERIOR BATHROOM DUCTS SHALL BE MINIMUM 24 GAUGE GALVANIZED METAL.

2. INTERIOR BATHROOM & KITCHEN DUCTS SHALL BE FITTED WITH BSA APPROVED TYPE REGISTERS AND FUSIBLE LINE DAMPERS.

3. BATHROOM AND KITCHENETTE DUCTS SHALL BE FIRE RETARDED IN ACCORDANCE WITH DEPARTMENT O

HIGHRISE
ARCHITECTURE
EXPEDITING • VIOLATIONS
132 32nd Street, Suite 205
Brooklyn, NY 11232.
P. 212-933-7473
info@highrisegroupny.com
The architect shall not have control or charge of and shall not be responsible for construction means, methods, sequences, techniques, sequences or procedures, or for safety precautions and programs in connection with work, for the acts or omissions of the contractor, sub-contractors or any other persons performing any of the work, or for the failure of any of them to carry out the work in accordance with the contract documents. Written dimensions on these drawings shall have precedence over scaled dimensions; contractors shall verify and be responsible for all dimensions and conditions on the job and this office must be notified of any variations from the dimensions and conditions shown by these drawings. Shop details must be submitted to this office for review before proceeding with fabrication.
Applicant
NOEL WONG R.A.
ADB Associates
5318 16th Avenue
Brooklyn, NY 11204
(718) 871-0362
adb.wong@gmail.com
Project Owner & Address
121 EAST 7TH
STREET MANHATTAN
NY 10009
Block:	435
Lot:	42
Zone:	R8B
Map:	12C
Use group:	II
Occupancy:	R-2
Construction class:	I-B
Landmark:	YES
BIN #:	1066657
Project Scope
CONVERSION 4-STORY + PENTHOUSE WITH CELLAR BUILDING. 8 DWELLING UNITS
Revisions
No.	Date	Remarks
1	02.03.25	INITIAL DOB FILING

NYC DOB No.
Seal
DOB APPROVAL STAMP
Sheet Title
GENERAL NOTES
G-002.00
24 of 28
Drw. by:	DP
Checked by:	Checker
Scale:
Date:	12/03/2024
